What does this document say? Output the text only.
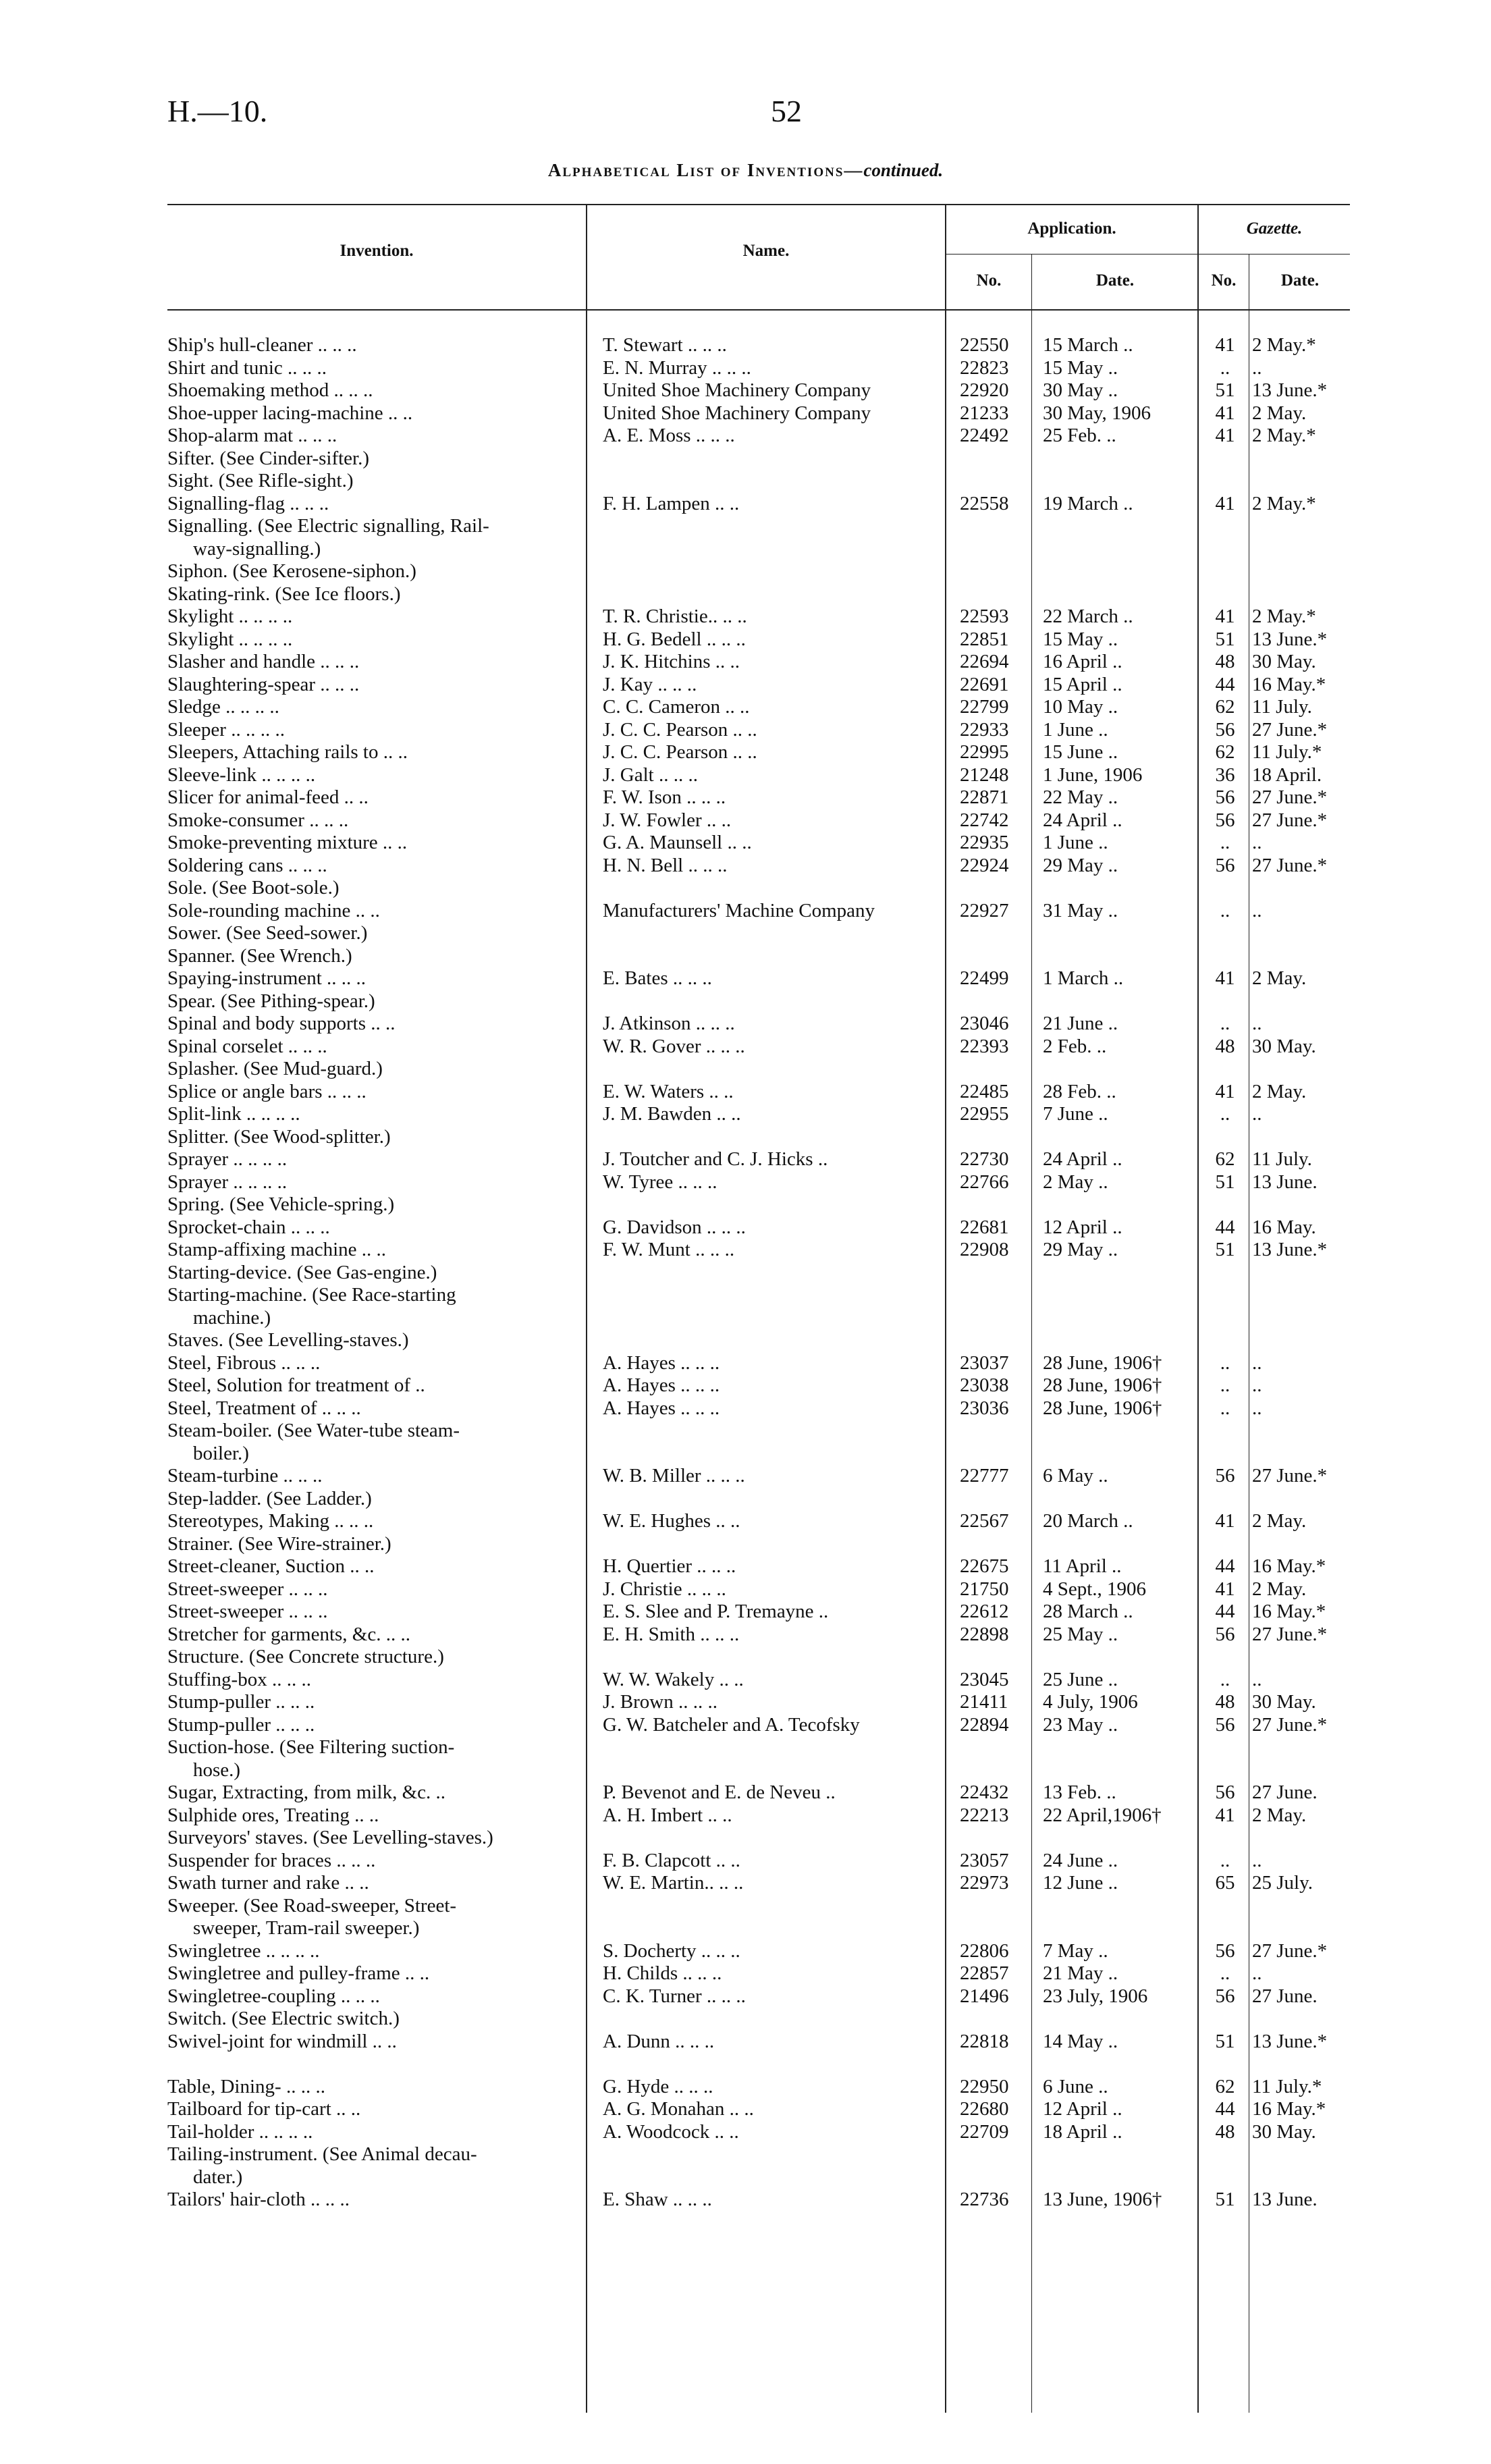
H.—10.	52
Alphabetical List of Inventions—continued.
Invention.	Name.
Application.
No.	Date.
Gazette.
No.	Date.
Ship's hull-cleaner .. .. ..	T. Stewart .. .. ..	22550 15 March ..	41 2 May.*
Shirt and tunic .. .. ..	E. N. Murray .. .. ..	22823 15 May ..	..	..
Shoemaking method .. .. ..	United Shoe Machinery Company	22920 30 May ..	51 13 June.*
Shoe-upper lacing-machine .. ..	United Shoe Machinery Company	21233 30 May, 1906	41 2 May.
Shop-alarm mat .. .. ..	A. E. Moss .. .. ..	22492 25 Feb. ..	41 2 May.*
Sifter. (See Cinder-sifter.)
Sight. (See Rifle-sight.)
Signalling-flag .. .. ..	F. H. Lampen .. ..	22558 19 March ..	41 2 May.*
Signalling. (See Electric signalling, Rail-
way-signalling.)
Siphon. (See Kerosene-siphon.)
Skating-rink. (See Ice floors.)
Skylight .. .. .. ..	T. R. Christie.. .. ..	22593 22 March ..	41 2 May.*
Skylight .. .. .. ..	H. G. Bedell .. .. ..	22851 15 May ..	51 13 June.*
Slasher and handle .. .. ..	J. K. Hitchins .. ..	22694 16 April ..	48 30 May.
Slaughtering-spear .. .. ..	J. Kay .. .. ..	22691 15 April ..	44 16 May.*
Sledge .. .. .. ..	C. C. Cameron .. ..	22799 10 May ..	62 11 July.
Sleeper .. .. .. ..	J. C. C. Pearson .. ..	22933 1 June ..	56 27 June.*
Sleepers, Attaching rails to .. ..	J. C. C. Pearson .. ..	22995 15 June ..	62 11 July.*
Sleeve-link .. .. .. ..	J. Galt .. .. ..	21248 1 June, 1906	36 18 April.
Slicer for animal-feed .. ..	F. W. Ison .. .. ..	22871 22 May ..	56 27 June.*
Smoke-consumer .. .. ..	J. W. Fowler .. ..	22742 24 April ..	56 27 June.*
Smoke-preventing mixture .. ..	G. A. Maunsell .. ..	22935 1 June ..	..	..
Soldering cans .. .. ..	H. N. Bell .. .. ..	22924 29 May ..	56 27 June.*
Sole. (See Boot-sole.)
Sole-rounding machine .. ..	Manufacturers' Machine Company	22927 31 May ..	..	..
Sower. (See Seed-sower.)
Spanner. (See Wrench.)
Spaying-instrument .. .. ..	E. Bates .. .. ..	22499 1 March ..	41 2 May.
Spear. (See Pithing-spear.)
Spinal and body supports .. ..	J. Atkinson .. .. ..	23046 21 June ..	..	..
Spinal corselet .. .. ..	W. R. Gover .. .. ..	22393 2 Feb. ..	48 30 May.
Splasher. (See Mud-guard.)
Splice or angle bars .. .. ..	E. W. Waters .. ..	22485 28 Feb. ..	41 2 May.
Split-link .. .. .. ..	J. M. Bawden .. ..	22955 7 June ..	..	..
Splitter. (See Wood-splitter.)
Sprayer .. .. .. ..	J. Toutcher and C. J. Hicks ..	22730 24 April ..	62 11 July.
Sprayer .. .. .. ..	W. Tyree .. .. ..	22766 2 May ..	51 13 June.
Spring. (See Vehicle-spring.)
Sprocket-chain .. .. ..	G. Davidson .. .. ..	22681 12 April ..	44 16 May.
Stamp-affixing machine .. ..	F. W. Munt .. .. ..	22908 29 May ..	51 13 June.*
Starting-device. (See Gas-engine.)
Starting-machine. (See Race-starting
machine.)
Staves. (See Levelling-staves.)
Steel, Fibrous .. .. ..	A. Hayes .. .. ..	23037 28 June, 1906†	..	..
Steel, Solution for treatment of ..	A. Hayes .. .. ..	23038 28 June, 1906†	..	..
Steel, Treatment of .. .. ..	A. Hayes .. .. ..	23036 28 June, 1906†	..	..
Steam-boiler. (See Water-tube steam-
boiler.)
Steam-turbine .. .. ..	W. B. Miller .. .. ..	22777 6 May ..	56 27 June.*
Step-ladder. (See Ladder.)
Stereotypes, Making .. .. ..	W. E. Hughes .. ..	22567 20 March ..	41 2 May.
Strainer. (See Wire-strainer.)
Street-cleaner, Suction .. ..	H. Quertier .. .. ..	22675 11 April ..	44 16 May.*
Street-sweeper .. .. ..	J. Christie .. .. ..	21750 4 Sept., 1906	41 2 May.
Street-sweeper .. .. ..	E. S. Slee and P. Tremayne ..	22612 28 March ..	44 16 May.*
Stretcher for garments, &c. .. ..	E. H. Smith .. .. ..	22898 25 May ..	56 27 June.*
Structure. (See Concrete structure.)
Stuffing-box .. .. ..	W. W. Wakely .. ..	23045 25 June ..	..	..
Stump-puller .. .. ..	J. Brown .. .. ..	21411 4 July, 1906	48 30 May.
Stump-puller .. .. ..	G. W. Batcheler and A. Tecofsky	22894 23 May ..	56 27 June.*
Suction-hose. (See Filtering suction-
hose.)
Sugar, Extracting, from milk, &c. ..	P. Bevenot and E. de Neveu ..	22432 13 Feb. ..	56 27 June.
Sulphide ores, Treating .. ..	A. H. Imbert .. ..	22213 22 April,1906†	41 2 May.
Surveyors' staves. (See Levelling-staves.)
Suspender for braces .. .. ..	F. B. Clapcott .. ..	23057 24 June ..	..	..
Swath turner and rake .. ..	W. E. Martin.. .. ..	22973 12 June ..	65 25 July.
Sweeper. (See Road-sweeper, Street-
sweeper, Tram-rail sweeper.)
Swingletree .. .. .. ..	S. Docherty .. .. ..	22806 7 May ..	56 27 June.*
Swingletree and pulley-frame .. ..	H. Childs .. .. ..	22857 21 May ..	..	..
Swingletree-coupling .. .. ..	C. K. Turner .. .. ..	21496 23 July, 1906	56 27 June.
Switch. (See Electric switch.)
Swivel-joint for windmill .. ..	A. Dunn .. .. ..	22818 14 May ..	51 13 June.*
Table, Dining- .. .. ..	G. Hyde .. .. ..	22950 6 June ..	62 11 July.*
Tailboard for tip-cart .. ..	A. G. Monahan .. ..	22680 12 April ..	44 16 May.*
Tail-holder .. .. .. ..	A. Woodcock .. ..	22709 18 April ..	48 30 May.
Tailing-instrument. (See Animal decau-
dater.)
Tailors' hair-cloth .. .. ..	E. Shaw .. .. ..	22736 13 June, 1906†	51 13 June.
